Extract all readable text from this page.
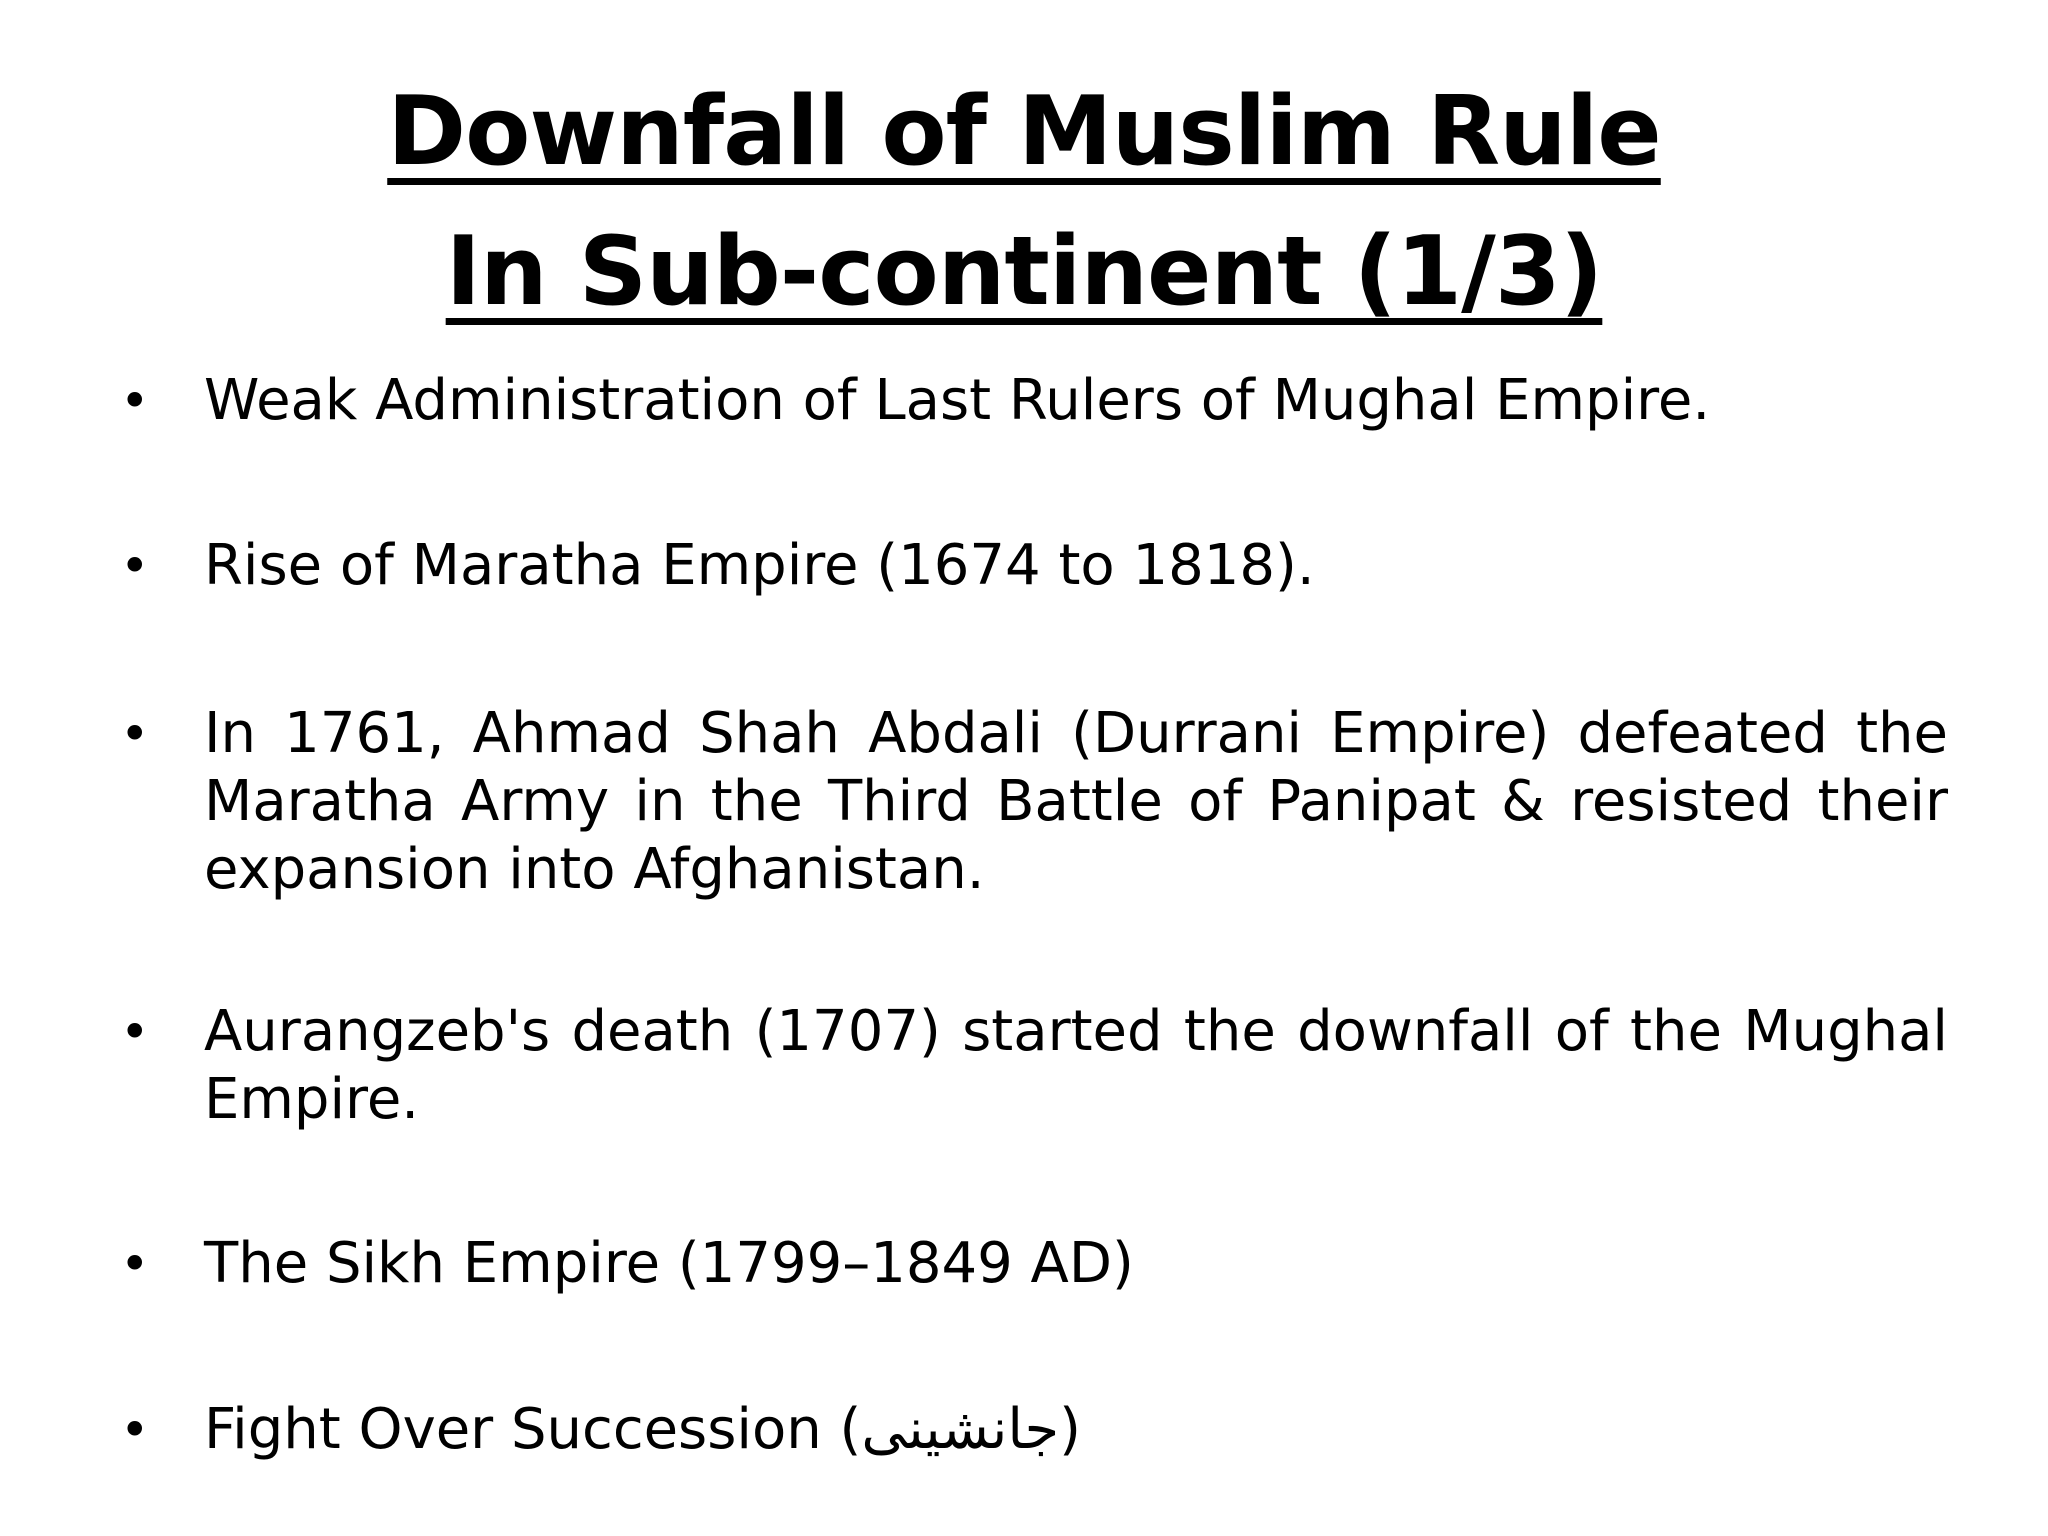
Downfall of Muslim Rule
In Sub-continent (1/3)
• Weak Administration of Last Rulers of Mughal Empire.
• Rise of Maratha Empire (1674 to 1818).
• In 1761, Ahmad Shah Abdali (Durrani Empire) defeated the Maratha Army in the Third Battle of Panipat & resisted their expansion into Afghanistan.
• Aurangzeb's death (1707) started the downfall of the Mughal Empire.
• The Sikh Empire (1799–1849 AD)
• Fight Over Succession (جانشینی)
